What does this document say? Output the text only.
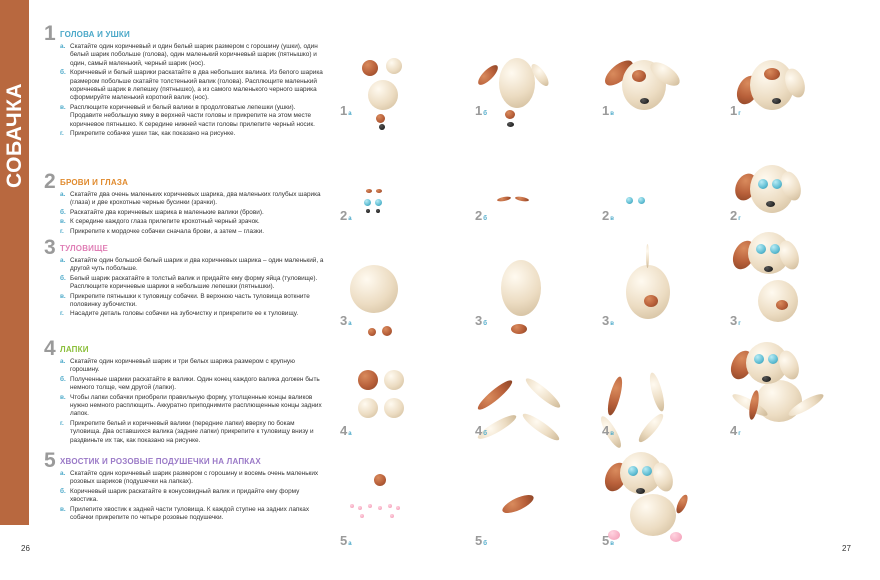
СОБАЧКА
1 ГОЛОВА И УШКИ
а. Скатайте один коричневый и один белый шарик размером с горошину (ушки), один белый шарик побольше (голова), один маленький коричневый шарик (пятнышко) и один, самый маленький, черный шарик (нос).
б. Коричневый и белый шарики раскатайте в два небольших валика. Из белого шарика размером побольше скатайте толстенький валик (голова). Расплющите маленький коричневый шарик в лепешку (пятнышко), а из самого маленького черного шарика сформируйте маленький короткий валик (нос).
в. Расплющите коричневый и белый валики в продолговатые лепешки (ушки). Продавите небольшую ямку в верхней части головы и прикрепите на этом месте коричневое пятнышко. К середине нижней части головы прилепите черный носик.
г. Прикрепите собачке ушки так, как показано на рисунке.
2 БРОВИ И ГЛАЗА
а. Скатайте два очень маленьких коричневых шарика, два маленьких голубых шарика (глаза) и две крохотные черные бусинки (зрачки).
б. Раскатайте два коричневых шарика в маленькие валики (брови).
в. К середине каждого глаза прилепите крохотный черный зрачок.
г. Прикрепите к мордочке собачки сначала брови, а затем – глазки.
3 ТУЛОВИЩЕ
а. Скатайте один большой белый шарик и два коричневых шарика – один маленький, а другой чуть побольше.
б. Белый шарик раскатайте в толстый валик и придайте ему форму яйца (туловище). Расплющите коричневые шарики в небольшие лепешки (пятнышки).
в. Прикрепите пятнышки к туловищу собачки. В верхнюю часть туловища воткните половинку зубочистки.
г. Насадите деталь головы собачки на зубочистку и прикрепите ее к туловищу.
4 ЛАПКИ
а. Скатайте один коричневый шарик и три белых шарика размером с крупную горошину.
б. Полученные шарики раскатайте в валики. Один конец каждого валика должен быть немного толще, чем другой (лапки).
в. Чтобы лапки собачки приобрели правильную форму, утолщенные концы валиков нужно немного расплющить. Аккуратно приподнимите расплющенные концы задних лапок.
г. Прикрепите белый и коричневый валики (передние лапки) вверху по бокам туловища. Два оставшихся валика (задние лапки) прикрепите к туловищу внизу и раздвиньте их так, как показано на рисунке.
5 ХВОСТИК И РОЗОВЫЕ ПОДУШЕЧКИ НА ЛАПКАХ
а. Скатайте один коричневый шарик размером с горошину и восемь очень маленьких розовых шариков (подушечки на лапках).
б. Коричневый шарик раскатайте в конусовидный валик и придайте ему форму хвостика.
в. Прилепите хвостик к задней части туловища. К каждой ступне на задних лапках собачки прикрепите по четыре розовые подушечки.
26	27
1а	1б	1в	1г
2а	2б	2в	2г
3а	3б	3в	3г
4а	4б	4в	4г
5а	5б	5в
